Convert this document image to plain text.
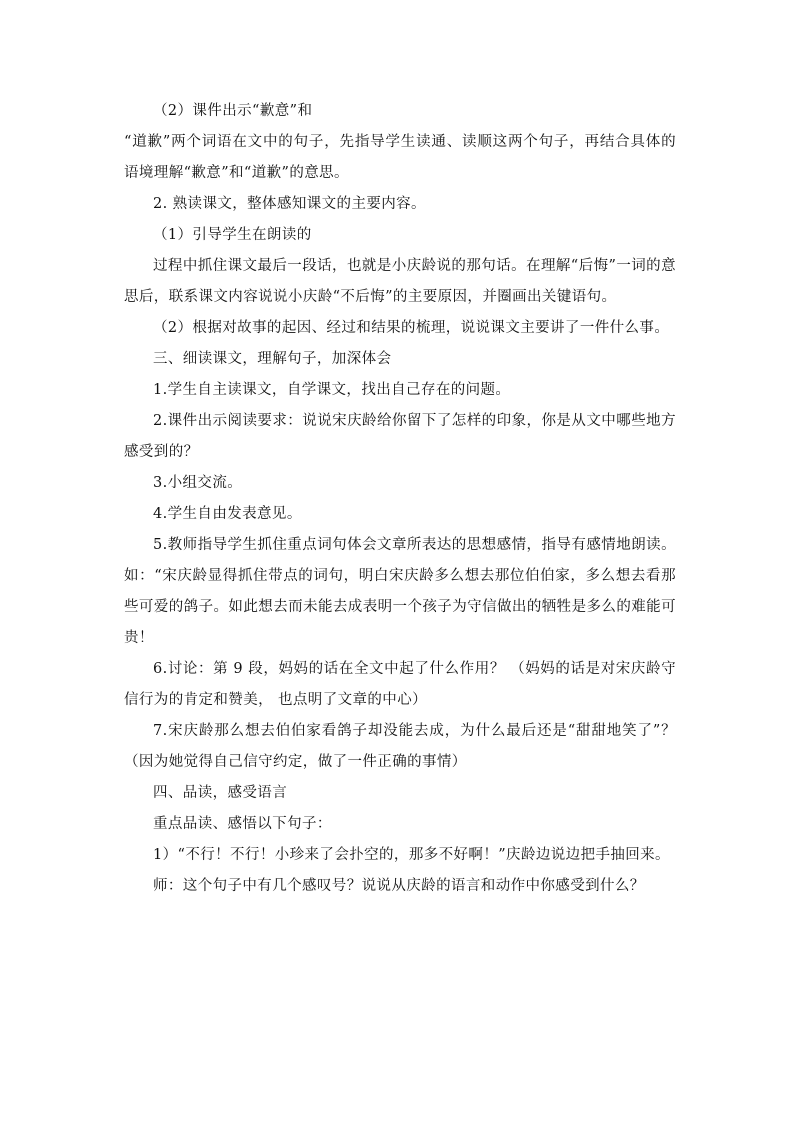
（2）课件出示“歉意”和

“道歉”两个词语在文中的句子，先指导学生读通、读顺这两个句子，再结合具体的语境理解“歉意”和“道歉”的意思。

2. 熟读课文，整体感知课文的主要内容。

（1）引导学生在朗读的

过程中抓住课文最后一段话，也就是小庆龄说的那句话。在理解“后悔”一词的意思后，联系课文内容说说小庆龄“不后悔”的主要原因，并圈画出关键语句。

（2）根据对故事的起因、经过和结果的梳理，说说课文主要讲了一件什么事。

三、细读课文，理解句子，加深体会

1.学生自主读课文，自学课文，找出自己存在的问题。

2.课件出示阅读要求：说说宋庆龄给你留下了怎样的印象，你是从文中哪些地方感受到的？

3.小组交流。

4.学生自由发表意见。

5.教师指导学生抓住重点词句体会文章所表达的思想感情，指导有感情地朗读。如：“宋庆龄显得抓住带点的词句，明白宋庆龄多么想去那位伯伯家，多么想去看那些可爱的鸽子。如此想去而未能去成表明一个孩子为守信做出的牺牲是多么的难能可贵！

6.讨论：第 9 段，妈妈的话在全文中起了什么作用？ （妈妈的话是对宋庆龄守信行为的肯定和赞美， 也点明了文章的中心）

7.宋庆龄那么想去伯伯家看鸽子却没能去成，为什么最后还是“甜甜地笑了”？ （因为她觉得自己信守约定，做了一件正确的事情）

四、品读，感受语言

重点品读、感悟以下句子：

1）“不行！不行！小珍来了会扑空的，那多不好啊！”庆龄边说边把手抽回来。

师：这个句子中有几个感叹号？说说从庆龄的语言和动作中你感受到什么？
